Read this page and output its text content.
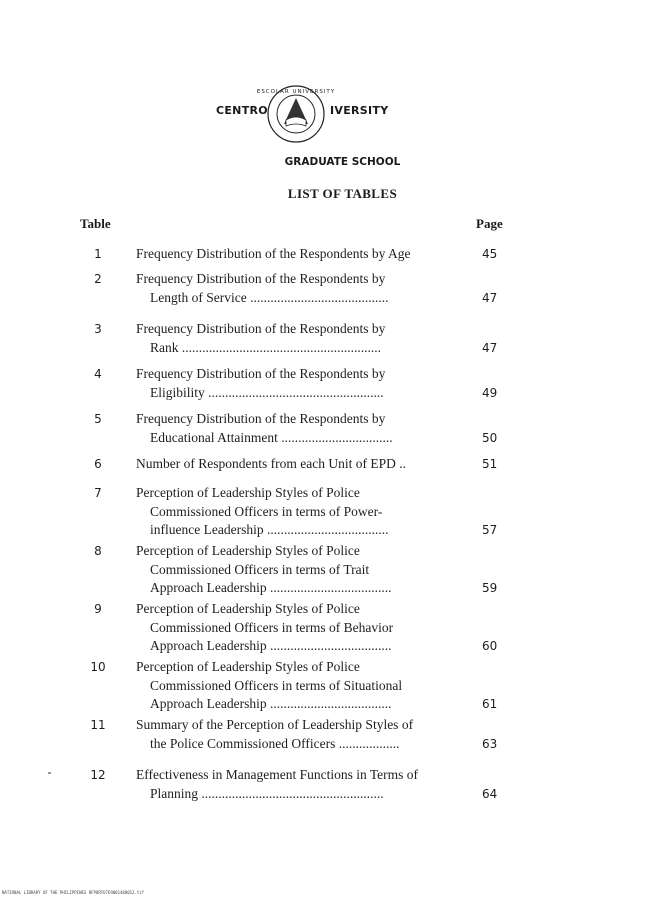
CENTRO
ESCOLAR UNIVERSITY
IVERSITY
GRADUATE SCHOOL
LIST OF TABLES
Table	Page
1	Frequency Distribution of the Respondents by Age	45
2	Frequency Distribution of the Respondents by
Length of Service .........................................	47
3	Frequency Distribution of the Respondents by
Rank ...........................................................	47
4	Frequency Distribution of the Respondents by
Eligibility ....................................................	49
5	Frequency Distribution of the Respondents by
Educational Attainment .................................	50
6	Number of Respondents from each Unit of EPD ..	51
7	Perception of Leadership Styles of Police
Commissioned Officers in terms of Power-
influence Leadership ....................................	57
8	Perception of Leadership Styles of Police
Commissioned Officers in terms of Trait
Approach Leadership ....................................	59
9	Perception of Leadership Styles of Police
Commissioned Officers in terms of Behavior
Approach Leadership ....................................	60
10	Perception of Leadership Styles of Police
Commissioned Officers in terms of Situational
Approach Leadership ....................................	61
11	Summary of the Perception of Leadership Styles of
the Police Commissioned Officers ..................	63
12	Effectiveness in Management Functions in Terms of
Planning ......................................................	64
NATIONAL LIBRARY OF THE PHILIPPINES RFPORTO7E9001488012.tif
